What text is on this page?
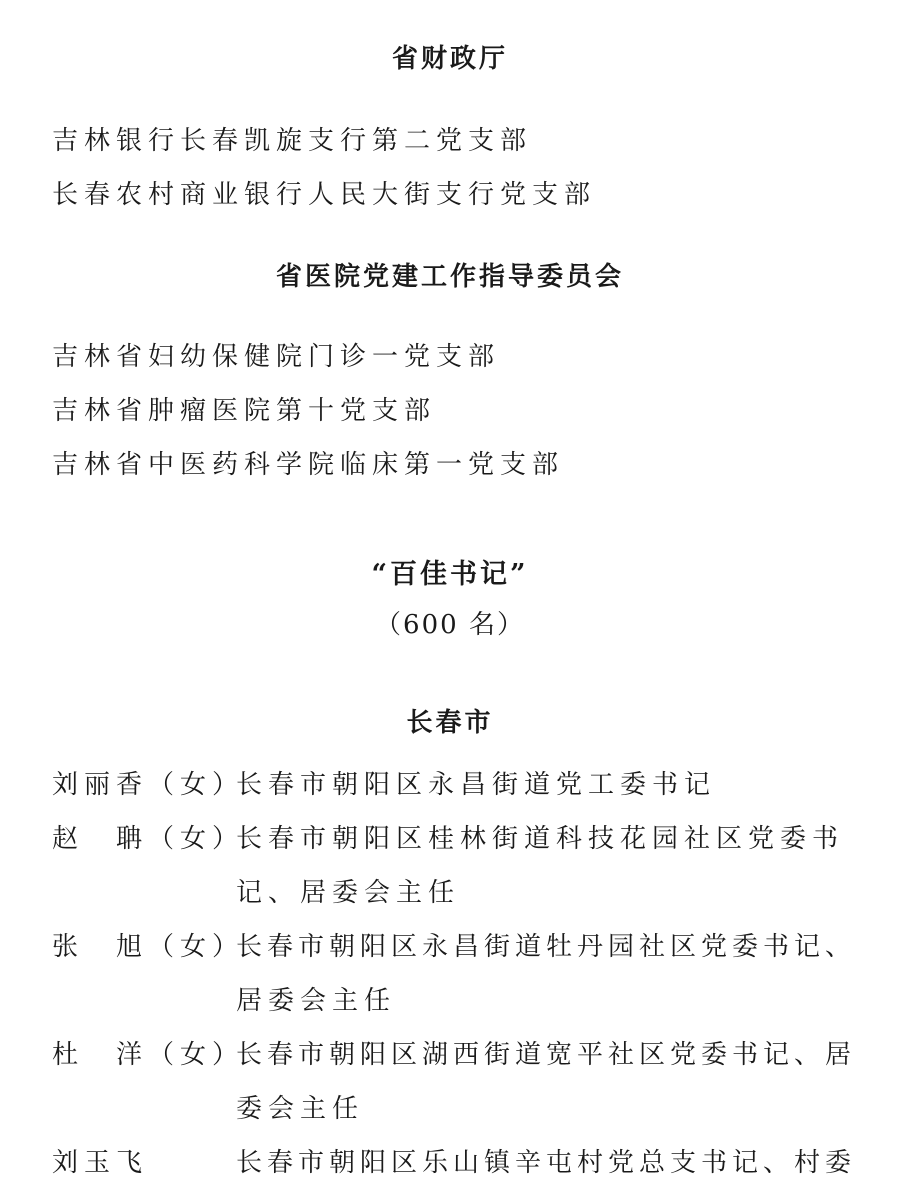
省财政厅
吉林银行长春凯旋支行第二党支部
长春农村商业银行人民大街支行党支部
省医院党建工作指导委员会
吉林省妇幼保健院门诊一党支部
吉林省肿瘤医院第十党支部
吉林省中医药科学院临床第一党支部
“百佳书记”
（600 名）
长春市
刘丽香（女）
长春市朝阳区永昌街道党工委书记
赵 聃（女）
长春市朝阳区桂林街道科技花园社区党委书
记、居委会主任
张 旭（女）
长春市朝阳区永昌街道牡丹园社区党委书记、
居委会主任
杜 洋（女）
长春市朝阳区湖西街道宽平社区党委书记、居
委会主任
刘玉飞	长春市朝阳区乐山镇辛屯村党总支书记、村委
